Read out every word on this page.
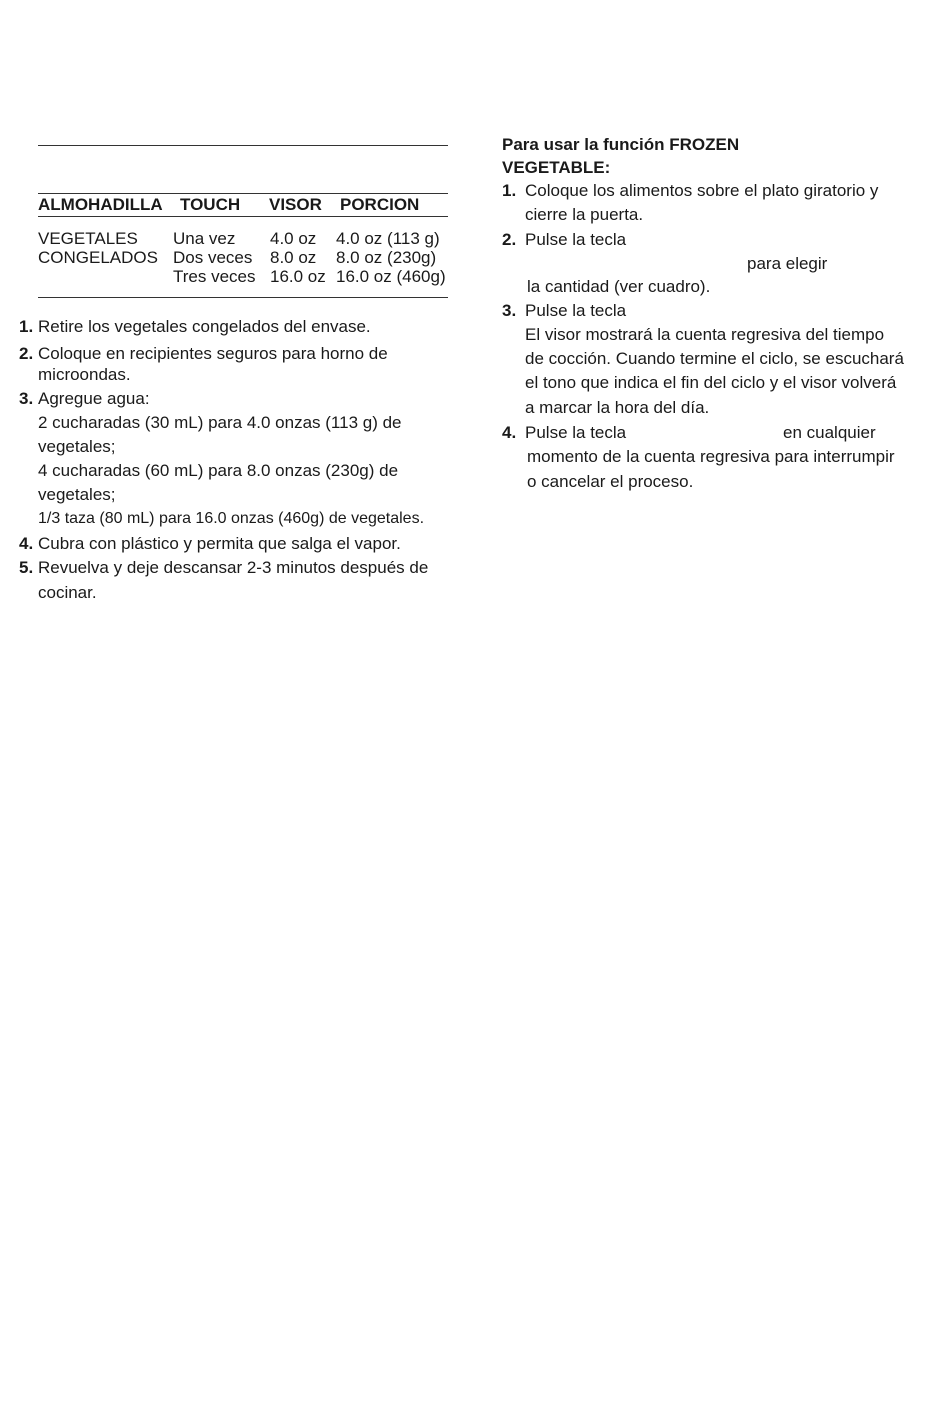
ALMOHADILLA TOUCH VISOR PORCION
VEGETALES Una vez 4.0 oz 4.0 oz (113 g)
CONGELADOS Dos veces 8.0 oz 8.0 oz (230g)
Tres veces 16.0 oz 16.0 oz (460g)
1. Retire los vegetales congelados del envase.
2. Coloque en recipientes seguros para horno de
microondas.
3. Agregue agua:
2 cucharadas (30 mL) para 4.0 onzas (113 g) de
vegetales;
4 cucharadas (60 mL) para 8.0 onzas (230g) de
vegetales;
1/3 taza (80 mL) para 16.0 onzas (460g) de vegetales.
4. Cubra con plástico y permita que salga el vapor.
5. Revuelva y deje descansar 2-3 minutos después de
cocinar.
Para usar la función FROZEN
VEGETABLE:
1. Coloque los alimentos sobre el plato giratorio y
cierre la puerta.
2. Pulse la tecla
para elegir
la cantidad (ver cuadro).
3. Pulse la tecla
El visor mostrará la cuenta regresiva del tiempo
de cocción. Cuando termine el ciclo, se escuchará
el tono que indica el fin del ciclo y el visor volverá
a marcar la hora del día.
4. Pulse la tecla	en cualquier
momento de la cuenta regresiva para interrumpir
o cancelar el proceso.
